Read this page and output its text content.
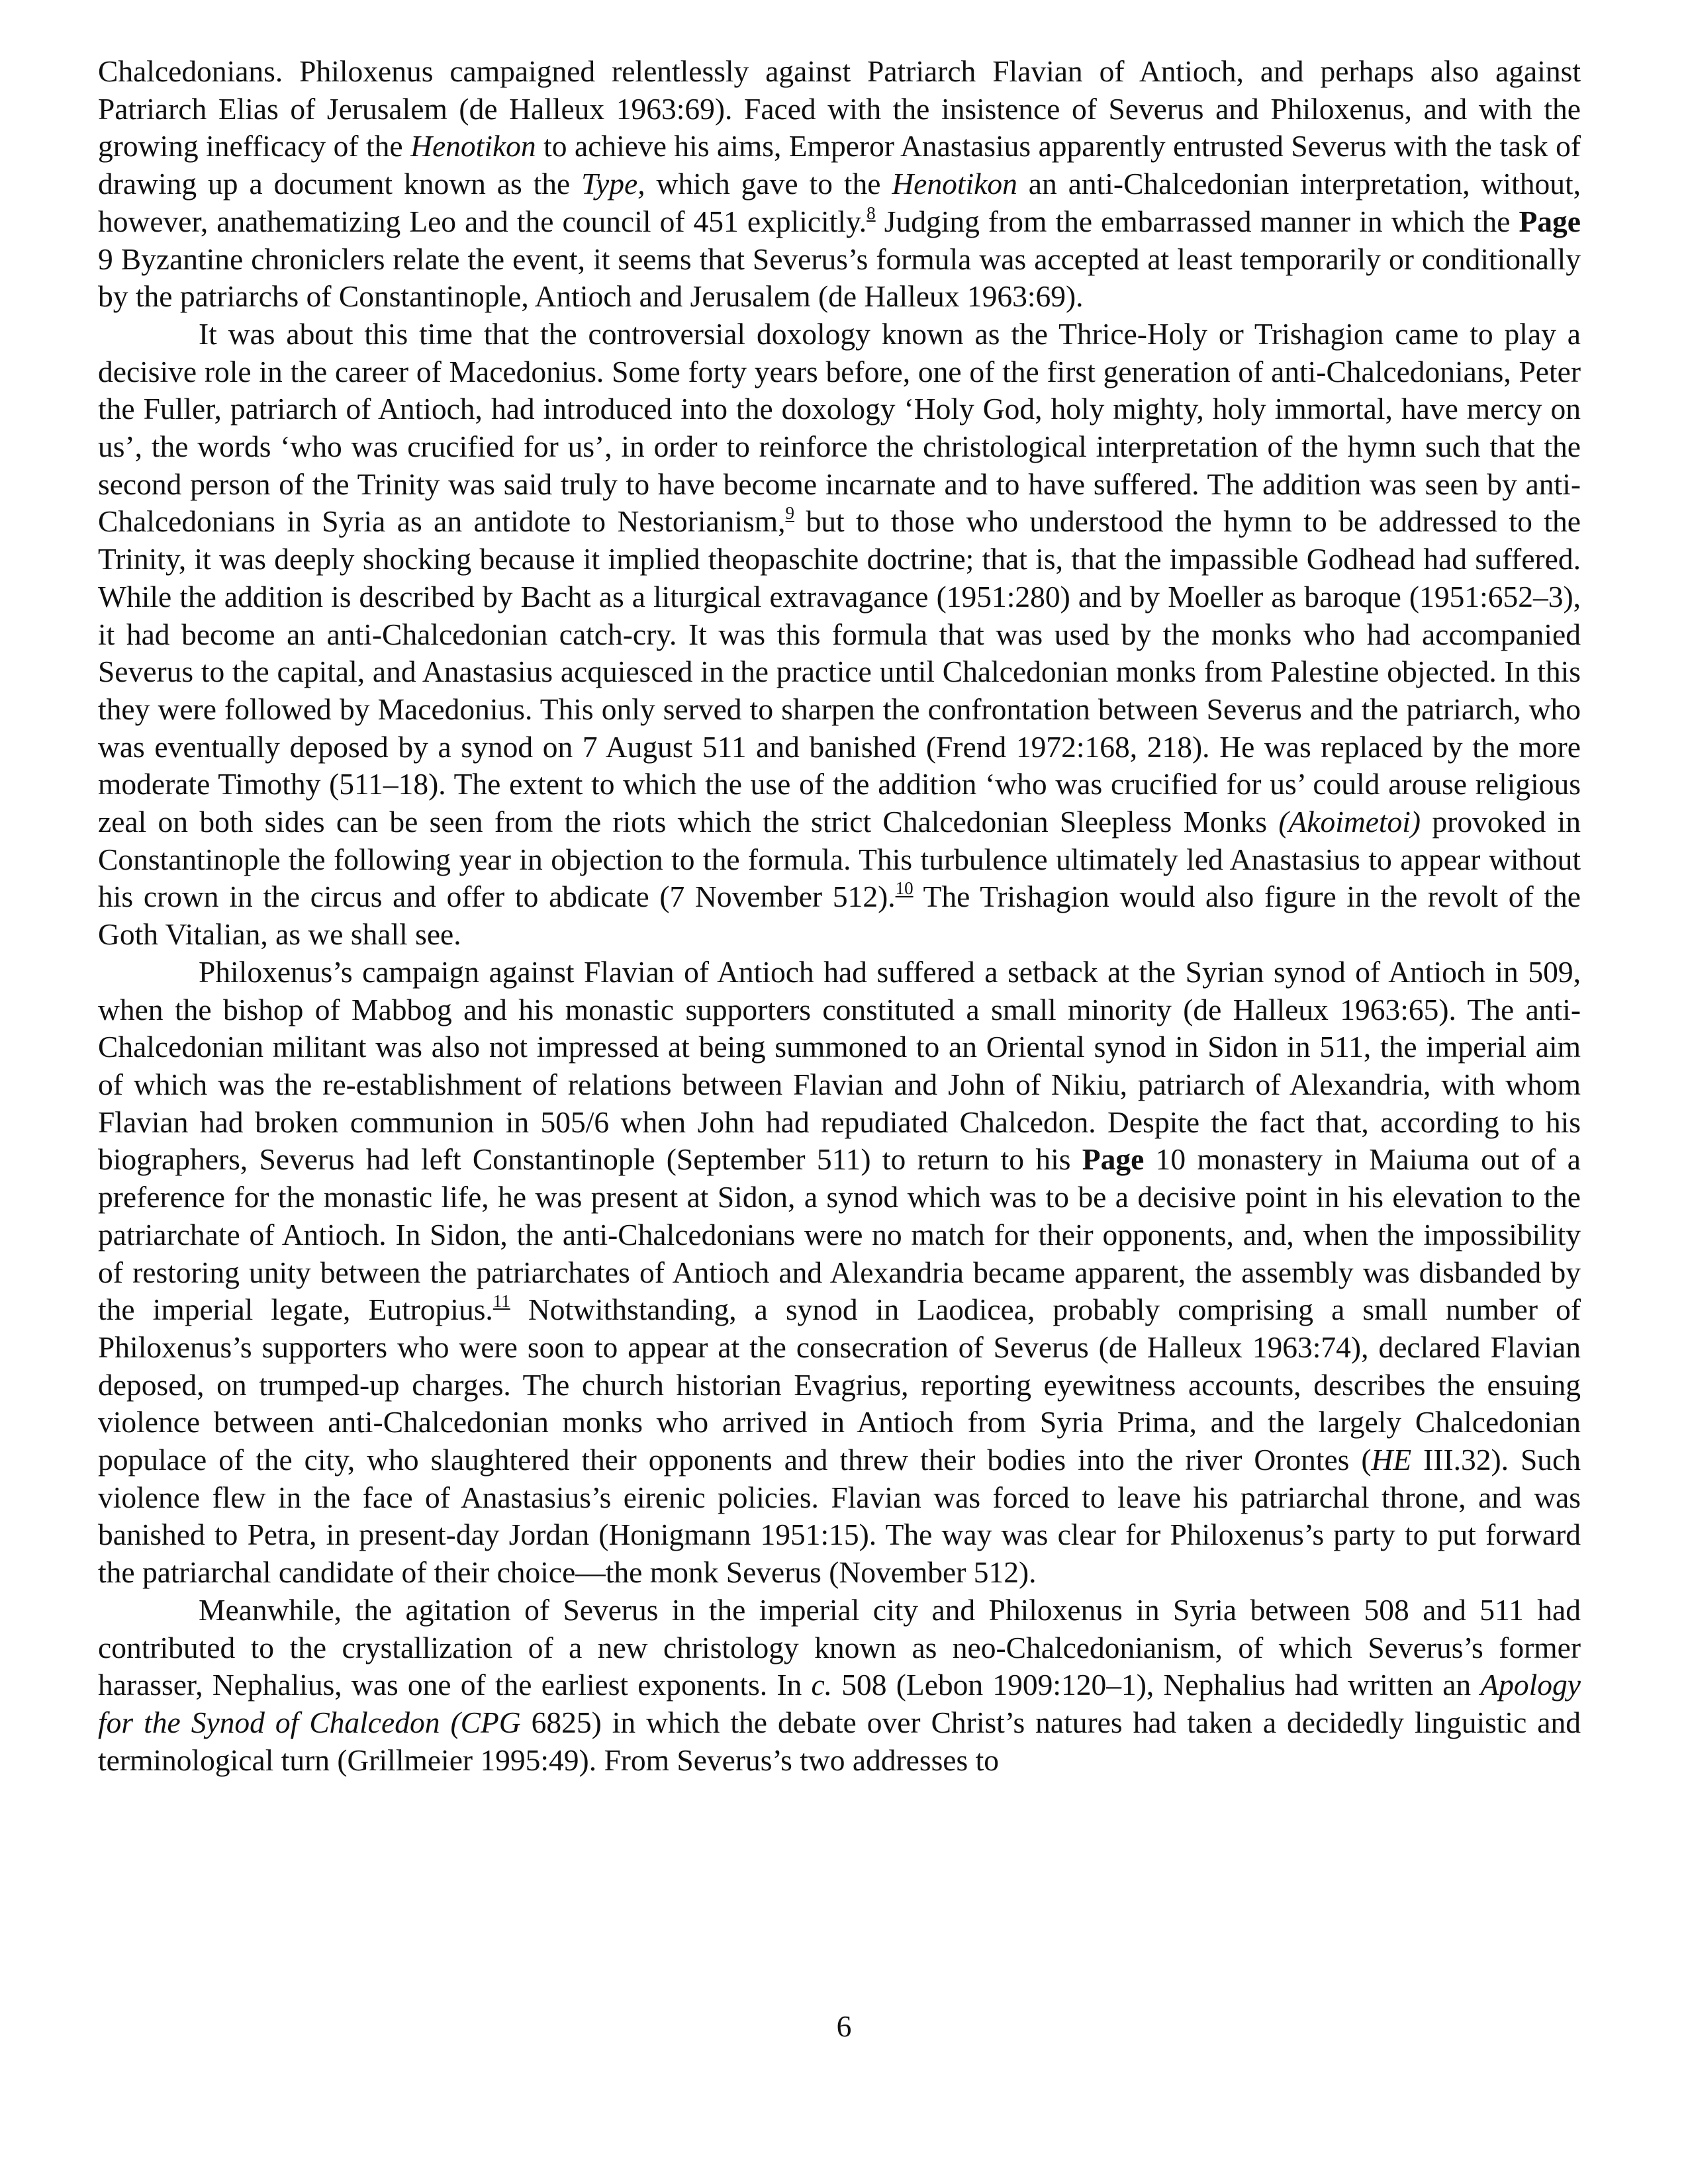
Chalcedonians. Philoxenus campaigned relentlessly against Patriarch Flavian of Antioch, and perhaps also against Patriarch Elias of Jerusalem (de Halleux 1963:69). Faced with the insistence of Severus and Philoxenus, and with the growing inefficacy of the Henotikon to achieve his aims, Emperor Anastasius apparently entrusted Severus with the task of drawing up a document known as the Type, which gave to the Henotikon an anti-Chalcedonian interpretation, without, however, anathematizing Leo and the council of 451 explicitly.$^8$ Judging from the embarrassed manner in which the Page 9 Byzantine chroniclers relate the event, it seems that Severus’s formula was accepted at least temporarily or conditionally by the patriarchs of Constantinople, Antioch and Jerusalem (de Halleux 1963:69).

It was about this time that the controversial doxology known as the Thrice-Holy or Trishagion came to play a decisive role in the career of Macedonius. Some forty years before, one of the first generation of anti-Chalcedonians, Peter the Fuller, patriarch of Antioch, had introduced into the doxology ‘Holy God, holy mighty, holy immortal, have mercy on us’, the words ‘who was crucified for us’, in order to reinforce the christological interpretation of the hymn such that the second person of the Trinity was said truly to have become incarnate and to have suffered. The addition was seen by anti-Chalcedonians in Syria as an antidote to Nestorianism,$^9$ but to those who understood the hymn to be addressed to the Trinity, it was deeply shocking because it implied theopaschite doctrine; that is, that the impassible Godhead had suffered. While the addition is described by Bacht as a liturgical extravagance (1951:280) and by Moeller as baroque (1951:652–3), it had become an anti-Chalcedonian catch-cry. It was this formula that was used by the monks who had accompanied Severus to the capital, and Anastasius acquiesced in the practice until Chalcedonian monks from Palestine objected. In this they were followed by Macedonius. This only served to sharpen the confrontation between Severus and the patriarch, who was eventually deposed by a synod on 7 August 511 and banished (Frend 1972:168, 218). He was replaced by the more moderate Timothy (511–18). The extent to which the use of the addition ‘who was crucified for us’ could arouse religious zeal on both sides can be seen from the riots which the strict Chalcedonian Sleepless Monks (Akoimetoi) provoked in Constantinople the following year in objection to the formula. This turbulence ultimately led Anastasius to appear without his crown in the circus and offer to abdicate (7 November 512).$^{10}$ The Trishagion would also figure in the revolt of the Goth Vitalian, as we shall see.

Philoxenus’s campaign against Flavian of Antioch had suffered a setback at the Syrian synod of Antioch in 509, when the bishop of Mabbog and his monastic supporters constituted a small minority (de Halleux 1963:65). The anti-Chalcedonian militant was also not impressed at being summoned to an Oriental synod in Sidon in 511, the imperial aim of which was the re-establishment of relations between Flavian and John of Nikiu, patriarch of Alexandria, with whom Flavian had broken communion in 505/6 when John had repudiated Chalcedon. Despite the fact that, according to his biographers, Severus had left Constantinople (September 511) to return to his Page 10 monastery in Maiuma out of a preference for the monastic life, he was present at Sidon, a synod which was to be a decisive point in his elevation to the patriarchate of Antioch. In Sidon, the anti-Chalcedonians were no match for their opponents, and, when the impossibility of restoring unity between the patriarchates of Antioch and Alexandria became apparent, the assembly was disbanded by the imperial legate, Eutropius.$^{11}$ Notwithstanding, a synod in Laodicea, probably comprising a small number of Philoxenus’s supporters who were soon to appear at the consecration of Severus (de Halleux 1963:74), declared Flavian deposed, on trumped-up charges. The church historian Evagrius, reporting eyewitness accounts, describes the ensuing violence between anti-Chalcedonian monks who arrived in Antioch from Syria Prima, and the largely Chalcedonian populace of the city, who slaughtered their opponents and threw their bodies into the river Orontes (HE III.32). Such violence flew in the face of Anastasius’s eirenic policies. Flavian was forced to leave his patriarchal throne, and was banished to Petra, in present-day Jordan (Honigmann 1951:15). The way was clear for Philoxenus’s party to put forward the patriarchal candidate of their choice—the monk Severus (November 512).

Meanwhile, the agitation of Severus in the imperial city and Philoxenus in Syria between 508 and 511 had contributed to the crystallization of a new christology known as neo-Chalcedonianism, of which Severus’s former harasser, Nephalius, was one of the earliest exponents. In c. 508 (Lebon 1909:120–1), Nephalius had written an Apology for the Synod of Chalcedon (CPG 6825) in which the debate over Christ’s natures had taken a decidedly linguistic and terminological turn (Grillmeier 1995:49). From Severus’s two addresses to

6
